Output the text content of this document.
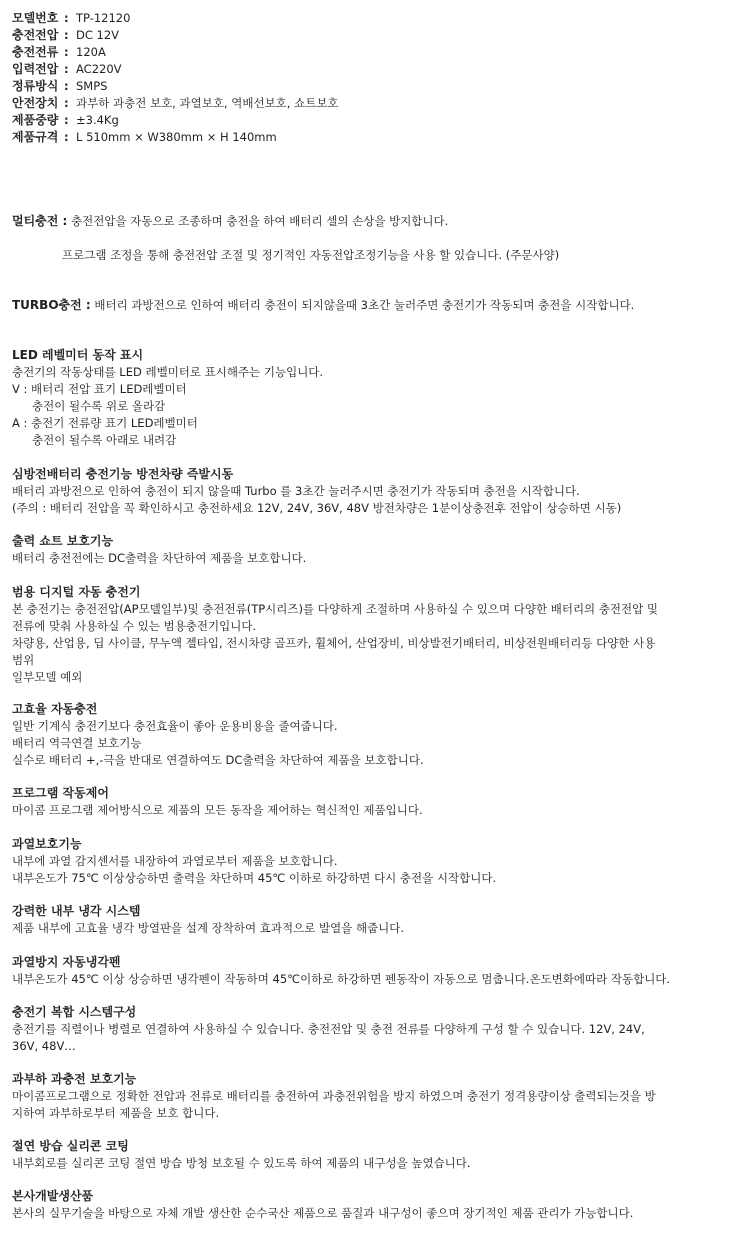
모델번호 : TP-12120
충전전압 : DC 12V
충전전류 : 120A
입력전압 : AC220V
정류방식 : SMPS
안전장치 : 과부하 과충전 보호, 과열보호, 역배선보호, 쇼트보호
제품중량 : ±3.4Kg
제품규격 : L 510mm × W380mm × H 140mm
멀티충전 : 충전전압을 자동으로 조종하며 충전을 하여 배터리 셀의 손상을 방지합니다.
프로그램 조정을 통해 충전전압 조절 및 정기적인 자동전압조정기능을 사용 할 있습니다. (주문사양)
TURBO충전 : 배터리 과방전으로 인하여 배터리 충전이 되지않을때 3초간 눌러주면 충전기가 작동되며 충전을 시작합니다.
LED 레벨미터 동작 표시
충전기의 작동상태를 LED 레벨미터로 표시해주는 기능입니다.
V : 배터리 전압 표기 LED레벨미터
충전이 될수록 위로 올라감
A : 충전기 전류량 표기 LED레벨미터
충전이 될수록 아래로 내려감
심방전배터리 충전기능 방전차량 즉발시동
배터리 과방전으로 인하여 충전이 되지 않을때 Turbo 를 3초간 눌러주시면 충전기가 작동되며 충전을 시작합니다.
(주의 : 배터리 전압을 꼭 확인하시고 충전하세요 12V, 24V, 36V, 48V 방전차량은 1분이상충전후 전압이 상승하면 시동)
출력 쇼트 보호기능
배터리 충전전에는 DC출력을 차단하여 제품을 보호합니다.
범용 디지털 자동 충전기
본 충전기는 충전전압(AP모델일부)및 충전전류(TP시리즈)를 다양하게 조절하며 사용하실 수 있으며 다양한 배터리의 충전전압 및
전류에 맞춰 사용하실 수 있는 범용충전기입니다.
차량용, 산업용, 딥 사이클, 무누액 젤타입, 전시차량 골프카, 휠체어, 산업장비, 비상발전기배터리, 비상전원배터리등 다양한 사용
범위
일부모델 예외
고효율 자동충전
일반 기계식 충전기보다 충전효율이 좋아 운용비용을 줄여줍니다.
배터리 역극연결 보호기능
실수로 배터리 +,-극을 반대로 연결하여도 DC출력을 차단하여 제품을 보호합니다.
프로그램 작동제어
마이콤 프로그램 제어방식으로 제품의 모든 동작을 제어하는 혁신적인 제품입니다.
과열보호기능
내부에 과열 감지센서를 내장하여 과열로부터 제품을 보호합니다.
내부온도가 75℃ 이상상승하면 출력을 차단하며 45℃ 이하로 하강하면 다시 충전을 시작합니다.
강력한 내부 냉각 시스템
제품 내부에 고효율 냉각 방열판을 설계 장착하여 효과적으로 발열을 해줍니다.
과열방지 자동냉각펜
내부온도가 45℃ 이상 상승하면 냉각펜이 작동하며 45℃이하로 하강하면 펜동작이 자동으로 멈춥니다.온도변화에따라 작동합니다.
충전기 복합 시스템구성
충전기를 직렬이나 병렬로 연결하여 사용하실 수 있습니다. 충전전압 및 충전 전류를 다양하게 구성 할 수 있습니다. 12V, 24V,
36V, 48V…
과부하 과충전 보호기능
마이콤프로그램으로 정확한 전압과 전류로 배터리를 충전하여 과충전위험을 방지 하였으며 충전기 정격용량이상 출력되는것을 방
지하여 과부하로부터 제품을 보호 합니다.
절연 방습 실리콘 코팅
내부회로를 실리콘 코팅 절연 방습 방청 보호될 수 있도록 하여 제품의 내구성을 높였습니다.
본사개발생산품
본사의 실무기술을 바탕으로 자체 개발 생산한 순수국산 제품으로 품질과 내구성이 좋으며 장기적인 제품 관리가 가능합니다.
